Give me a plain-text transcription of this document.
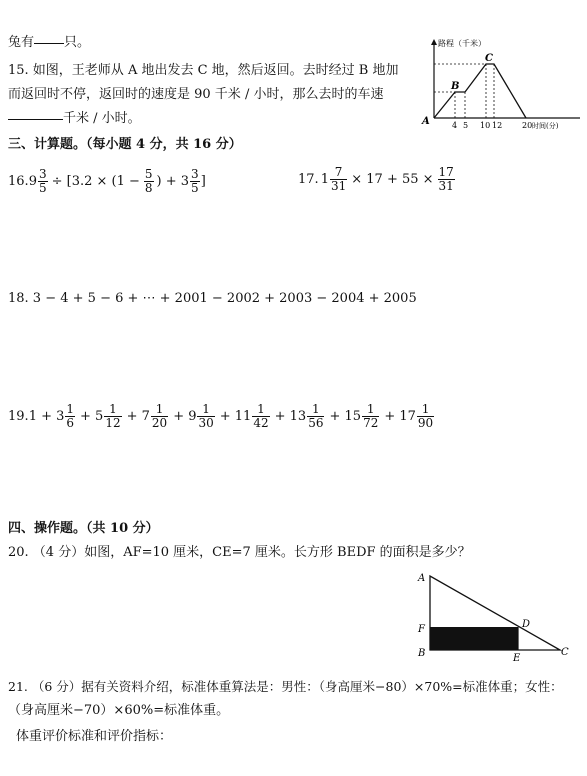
兔有 只。
15. 如图，王老师从 A 地出发去 C 地，然后返回。去时经过 B 地加
而返回时不停，返回时的速度是 90 千米 / 小时，那么去时的车速
千米 / 小时。
路程（千米）
A
B
C
4 5 10 12 20 时间(分)
三、计算题。（每小题 4 分，共 16 分）
16. $9 \frac{3}{5} \div [3.2 \times (1 - \frac{5}{8}$ ) + $3 \frac{3}{5}$ ]	17. $1 \frac{7}{31} \times 17 + 55 \times \frac{17}{31}$
18. 3 − 4 + 5 − 6 + ⋯ + 2001 − 2002 + 2003 − 2004 + 2005
19. $1 + 3 \frac{1}{6} + 5 \frac{1}{12} + 7 \frac{1}{20} + 9 \frac{1}{30} + 11 \frac{1}{42} + 13 \frac{1}{56} + 15 \frac{1}{72} + 17 \frac{1}{90}$
四、操作题。（共 10 分）
20. （4 分）如图，AF=10 厘米，CE=7 厘米。长方形 BEDF 的面积是多少？
A
F
B	E
D
C
21. （6 分）据有关资料介绍，标准体重算法是：男性：（身高厘米−80）×70%=标准体重；女性：
（身高厘米−70）×60%=标准体重。
体重评价标准和评价指标：
